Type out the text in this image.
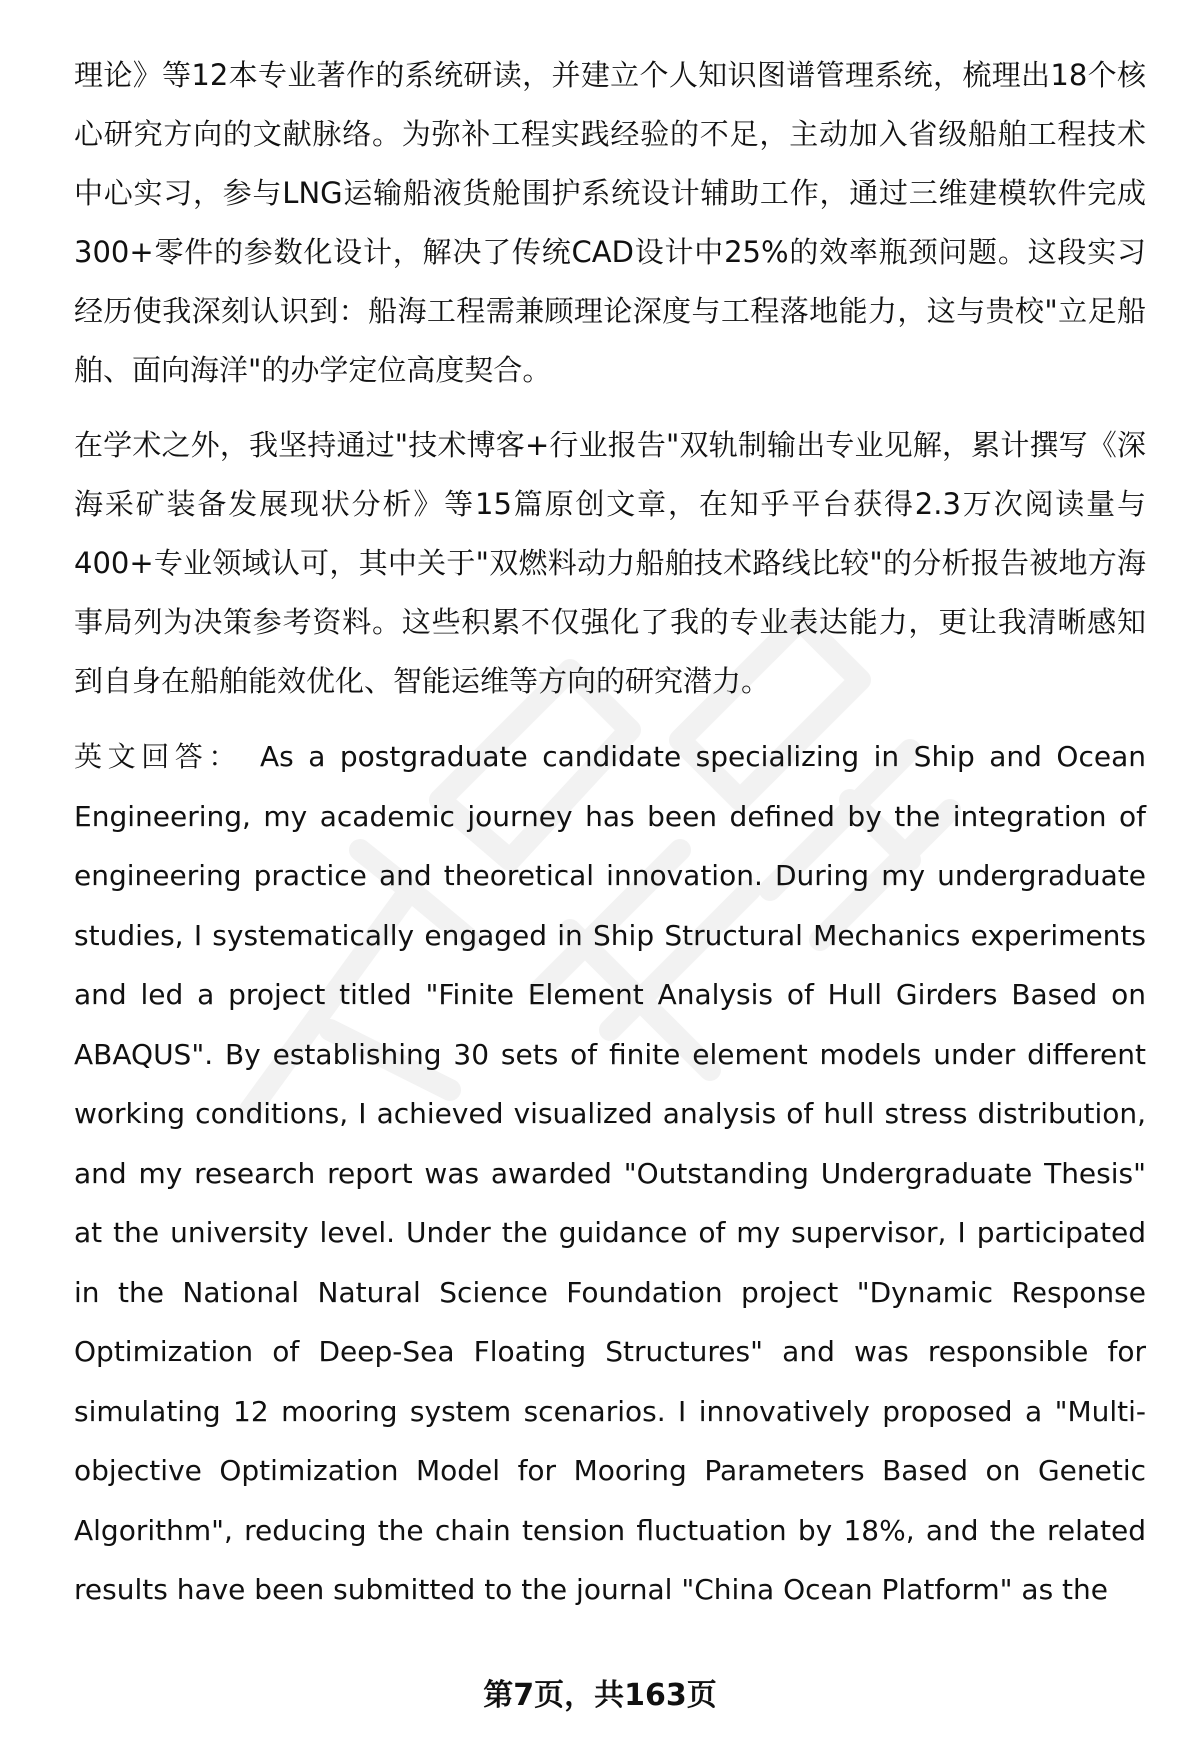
理论》等12本专业著作的系统研读，并建立个人知识图谱管理系统，梳理出18个核心研究方向的文献脉络。为弥补工程实践经验的不足，主动加入省级船舶工程技术中心实习，参与LNG运输船液货舱围护系统设计辅助工作，通过三维建模软件完成300+零件的参数化设计，解决了传统CAD设计中25%的效率瓶颈问题。这段实习经历使我深刻认识到：船海工程需兼顾理论深度与工程落地能力，这与贵校"立足船舶、面向海洋"的办学定位高度契合。

在学术之外，我坚持通过"技术博客+行业报告"双轨制输出专业见解，累计撰写《深海采矿装备发展现状分析》等15篇原创文章，在知乎平台获得2.3万次阅读量与400+专业领域认可，其中关于"双燃料动力船舶技术路线比较"的分析报告被地方海事局列为决策参考资料。这些积累不仅强化了我的专业表达能力，更让我清晰感知到自身在船舶能效优化、智能运维等方向的研究潜力。

英文回答： As a postgraduate candidate specializing in Ship and Ocean Engineering, my academic journey has been defined by the integration of engineering practice and theoretical innovation. During my undergraduate studies, I systematically engaged in Ship Structural Mechanics experiments and led a project titled "Finite Element Analysis of Hull Girders Based on ABAQUS". By establishing 30 sets of finite element models under different working conditions, I achieved visualized analysis of hull stress distribution, and my research report was awarded "Outstanding Undergraduate Thesis" at the university level. Under the guidance of my supervisor, I participated in the National Natural Science Foundation project "Dynamic Response Optimization of Deep-Sea Floating Structures" and was responsible for simulating 12 mooring system scenarios. I innovatively proposed a "Multi-objective Optimization Model for Mooring Parameters Based on Genetic Algorithm", reducing the chain tension fluctuation by 18%, and the related results have been submitted to the journal "China Ocean Platform" as the

第7页，共163页
